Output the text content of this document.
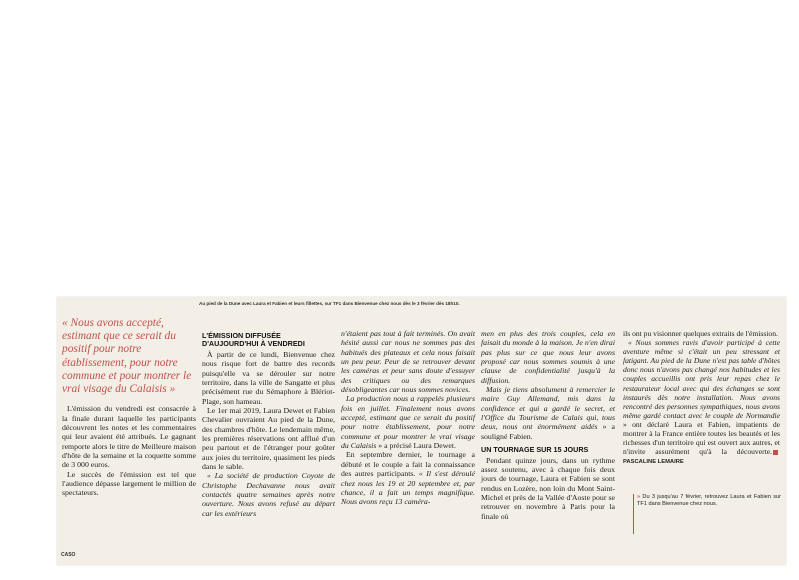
Au pied de la Dune avec Laura et Fabien et leurs fillettes, sur TF1 dans Bienvenue chez nous dès le 3 février dès 18h10.
« Nous avons accepté, estimant que ce serait du positif pour notre établissement, pour notre commune et pour montrer le vrai visage du Calaisis »

L'émission du vendredi est consacrée à la finale durant laquelle les participants découvrent les notes et les commentaires qui leur avaient été attribués. Le gagnant remporte alors le titre de Meilleure maison d'hôte de la semaine et la coquette somme de 3 000 euros.

Le succès de l'émission est tel que l'audience dépasse largement le million de spectateurs.

L'ÉMISSION DIFFUSÉE D'AUJOURD'HUI À VENDREDI

À partir de ce lundi, Bienvenue chez nous risque fort de battre des records puisqu'elle va se dérouler sur notre territoire, dans la ville de Sangatte et plus précisément rue du Sémaphore à Blériot-Plage, son hameau.

Le 1er mai 2019, Laura Dewet et Fabien Chevalier ouvraient Au pied de la Dune, des chambres d'hôte. Le lendemain même, les premières réservations ont afflué d'un peu partout et de l'étranger pour goûter aux joies du territoire, quasiment les pieds dans le sable.

« La société de production Coyote de Christophe Dechavanne nous avait contactés quatre semaines après notre ouverture. Nous avons refusé au départ car les extérieurs

n'étaient pas tout à fait terminés. On avait hésité aussi car nous ne sommes pas des habitués des plateaux et cela nous faisait un peu peur. Peur de se retrouver devant les caméras et peur sans doute d'essuyer des critiques ou des remarques désobligeantes car nous sommes novices.

La production nous a rappelés plusieurs fois en juillet. Finalement nous avons accepté, estimant que ce serait du positif pour notre établissement, pour notre commune et pour montrer le vrai visage du Calaisis » a précisé Laura Dewet.

En septembre dernier, le tournage a débuté et le couple a fait la connaissance des autres participants. « Il s'est déroulé chez nous les 19 et 20 septembre et, par chance, il a fait un temps magnifique. Nous avons reçu 13 caméra-

men en plus des trois couples, cela en faisait du monde à la maison. Je n'en dirai pas plus sur ce que nous leur avons proposé car nous sommes soumis à une clause de confidentialité jusqu'à la diffusion.

Mais je tiens absolument à remercier le maire Guy Allemand, mis dans la confidence et qui a gardé le secret, et l'Office du Tourisme de Calais qui, tous deux, nous ont énormément aidés » a souligné Fabien.

UN TOURNAGE SUR 15 JOURS

Pendant quinze jours, dans un rythme assez soutenu, avec à chaque fois deux jours de tournage, Laura et Fabien se sont rendus en Lozère, non loin du Mont Saint-Michel et près de la Vallée d'Aoste pour se retrouver en novembre à Paris pour la finale où

ils ont pu visionner quelques extraits de l'émission.

« Nous sommes ravis d'avoir participé à cette aventure même si c'était un peu stressant et fatigant. Au pied de la Dune n'est pas table d'hôtes donc nous n'avons pas changé nos habitudes et les couples accueillis ont pris leur repas chez le restaurateur local avec qui des échanges se sont instaurés dès notre installation. Nous avons rencontré des personnes sympathiques, nous avons même gardé contact avec le couple de Normandie » ont déclaré Laura et Fabien, impatients de montrer à la France entière toutes les beautés et les richesses d'un territoire qui est ouvert aux autres, et n'invite assurément qu'à la découverte.PASCALINE LEMAIRE

» Du 3 jusqu'au 7 février, retrouvez Laura et Fabien sur TF1 dans Bienvenue chez nous.
CASO
